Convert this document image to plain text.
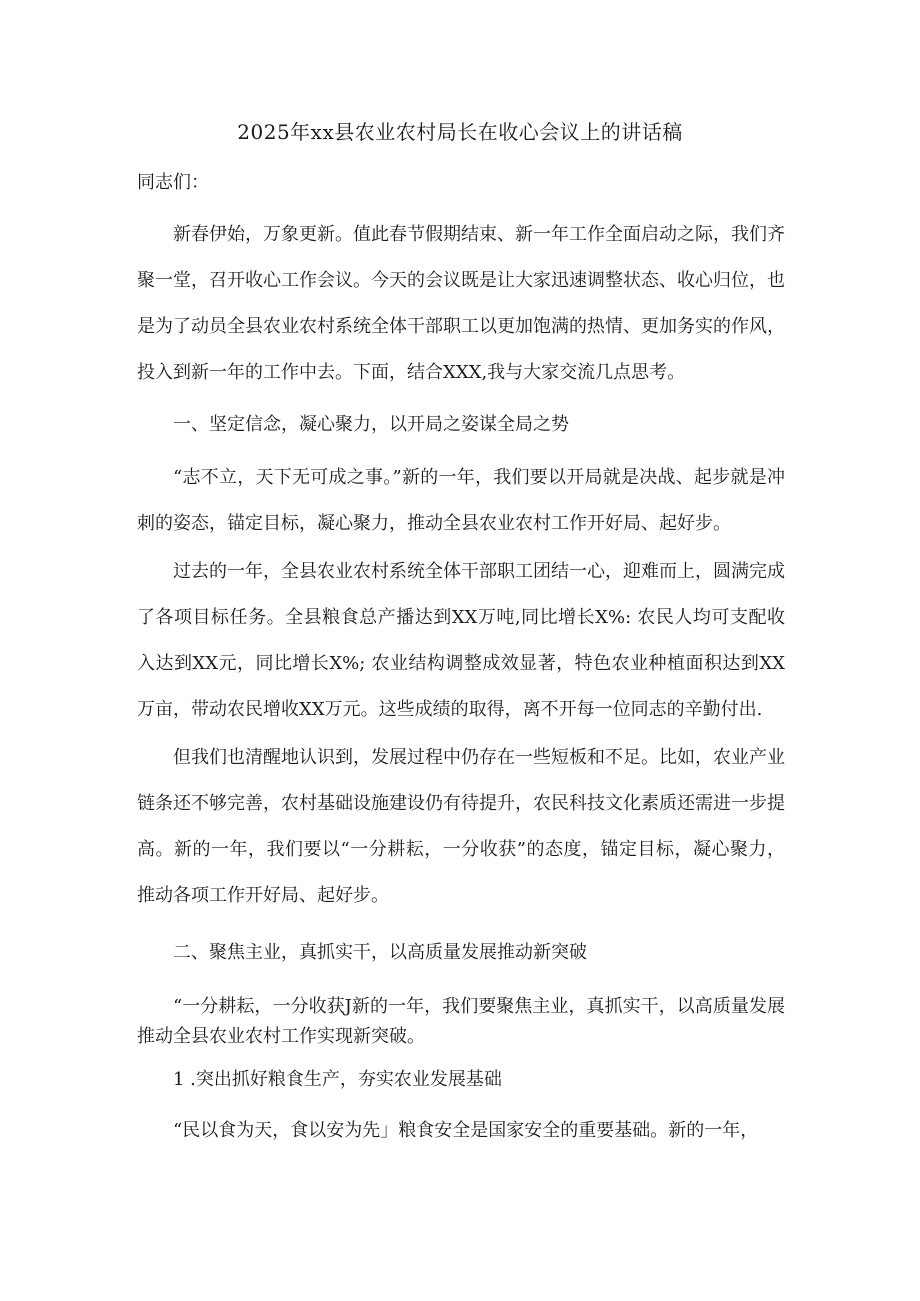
2025年xx县农业农村局长在收心会议上的讲话稿
同志们：

新春伊始，万象更新。值此春节假期结束、新一年工作全面启动之际，我们齐聚一堂，召开收心工作会议。今天的会议既是让大家迅速调整状态、收心归位，也是为了动员全县农业农村系统全体干部职工以更加饱满的热情、更加务实的作风，投入到新一年的工作中去。下面，结合XXX,我与大家交流几点思考。

一、坚定信念，凝心聚力，以开局之姿谋全局之势

“志不立，天下无可成之事。”新的一年，我们要以开局就是决战、起步就是冲刺的姿态，锚定目标，凝心聚力，推动全县农业农村工作开好局、起好步。

过去的一年，全县农业农村系统全体干部职工团结一心，迎难而上，圆满完成了各项目标任务。全县粮食总产播达到XX万吨,同比增长X%: 农民人均可支配收入达到XX元，同比增长X%; 农业结构调整成效显著，特色农业种植面积达到XX万亩，带动农民增收XX万元。这些成绩的取得，离不开每一位同志的辛勤付出.

但我们也清醒地认识到，发展过程中仍存在一些短板和不足。比如，农业产业链条还不够完善，农村基础设施建设仍有待提升，农民科技文化素质还需进一步提高。新的一年，我们要以“一分耕耘，一分收获”的态度，锚定目标，凝心聚力，推动各项工作开好局、起好步。

二、聚焦主业，真抓实干，以高质量发展推动新突破

“一分耕耘，一分收获J新的一年，我们要聚焦主业，真抓实干，以高质量发展推动全县农业农村工作实现新突破。

1 .突出抓好粮食生产，夯实农业发展基础

“民以食为天，食以安为先」粮食安全是国家安全的重要基础。新的一年，
